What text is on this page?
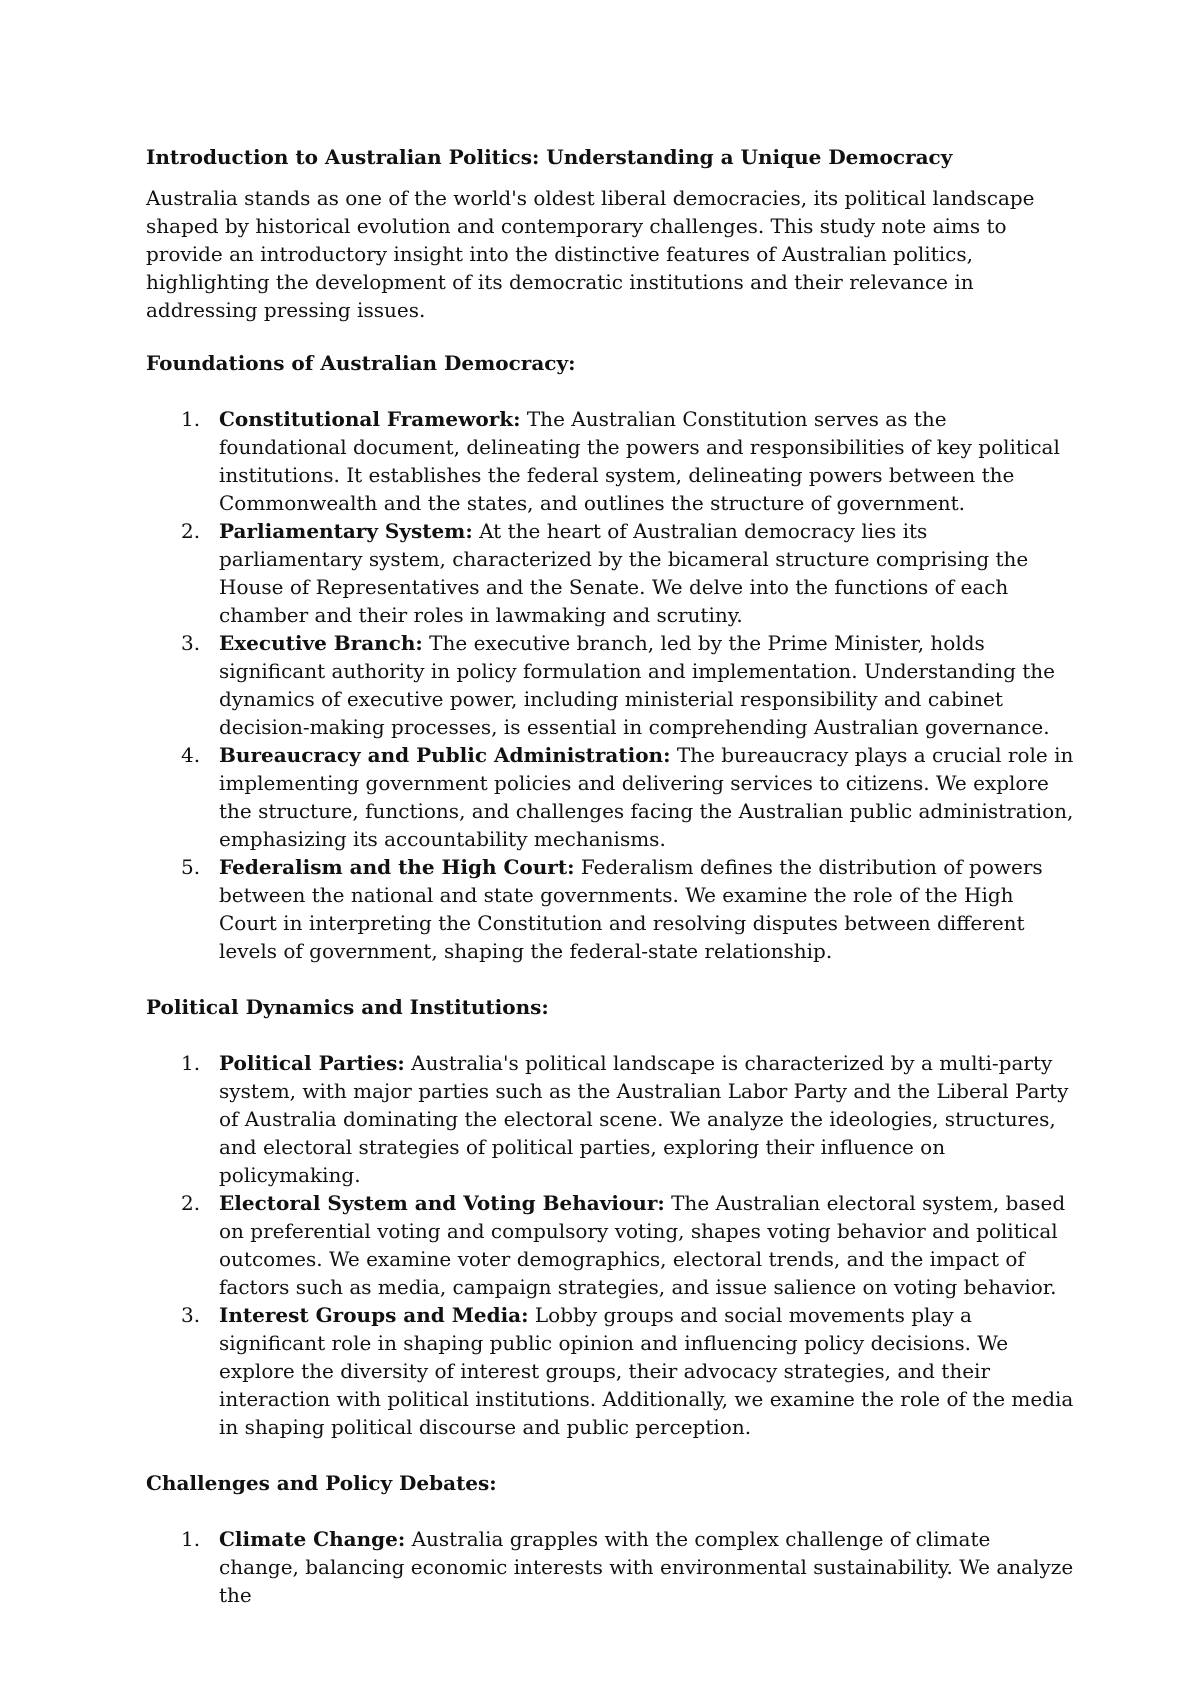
Introduction to Australian Politics: Understanding a Unique Democracy

Australia stands as one of the world's oldest liberal democracies, its political landscape shaped by historical evolution and contemporary challenges. This study note aims to provide an introductory insight into the distinctive features of Australian politics, highlighting the development of its democratic institutions and their relevance in addressing pressing issues.

Foundations of Australian Democracy:
1. Constitutional Framework: The Australian Constitution serves as the foundational document, delineating the powers and responsibilities of key political institutions. It establishes the federal system, delineating powers between the Commonwealth and the states, and outlines the structure of government.
2. Parliamentary System: At the heart of Australian democracy lies its parliamentary system, characterized by the bicameral structure comprising the House of Representatives and the Senate. We delve into the functions of each chamber and their roles in lawmaking and scrutiny.
3. Executive Branch: The executive branch, led by the Prime Minister, holds significant authority in policy formulation and implementation. Understanding the dynamics of executive power, including ministerial responsibility and cabinet decision-making processes, is essential in comprehending Australian governance.
4. Bureaucracy and Public Administration: The bureaucracy plays a crucial role in implementing government policies and delivering services to citizens. We explore the structure, functions, and challenges facing the Australian public administration, emphasizing its accountability mechanisms.
5. Federalism and the High Court: Federalism defines the distribution of powers between the national and state governments. We examine the role of the High Court in interpreting the Constitution and resolving disputes between different levels of government, shaping the federal-state relationship.
Political Dynamics and Institutions:
1. Political Parties: Australia's political landscape is characterized by a multi-party system, with major parties such as the Australian Labor Party and the Liberal Party of Australia dominating the electoral scene. We analyze the ideologies, structures, and electoral strategies of political parties, exploring their influence on policymaking.
2. Electoral System and Voting Behaviour: The Australian electoral system, based on preferential voting and compulsory voting, shapes voting behavior and political outcomes. We examine voter demographics, electoral trends, and the impact of factors such as media, campaign strategies, and issue salience on voting behavior.
3. Interest Groups and Media: Lobby groups and social movements play a significant role in shaping public opinion and influencing policy decisions. We explore the diversity of interest groups, their advocacy strategies, and their interaction with political institutions. Additionally, we examine the role of the media in shaping political discourse and public perception.
Challenges and Policy Debates:
1. Climate Change: Australia grapples with the complex challenge of climate change, balancing economic interests with environmental sustainability. We analyze the
